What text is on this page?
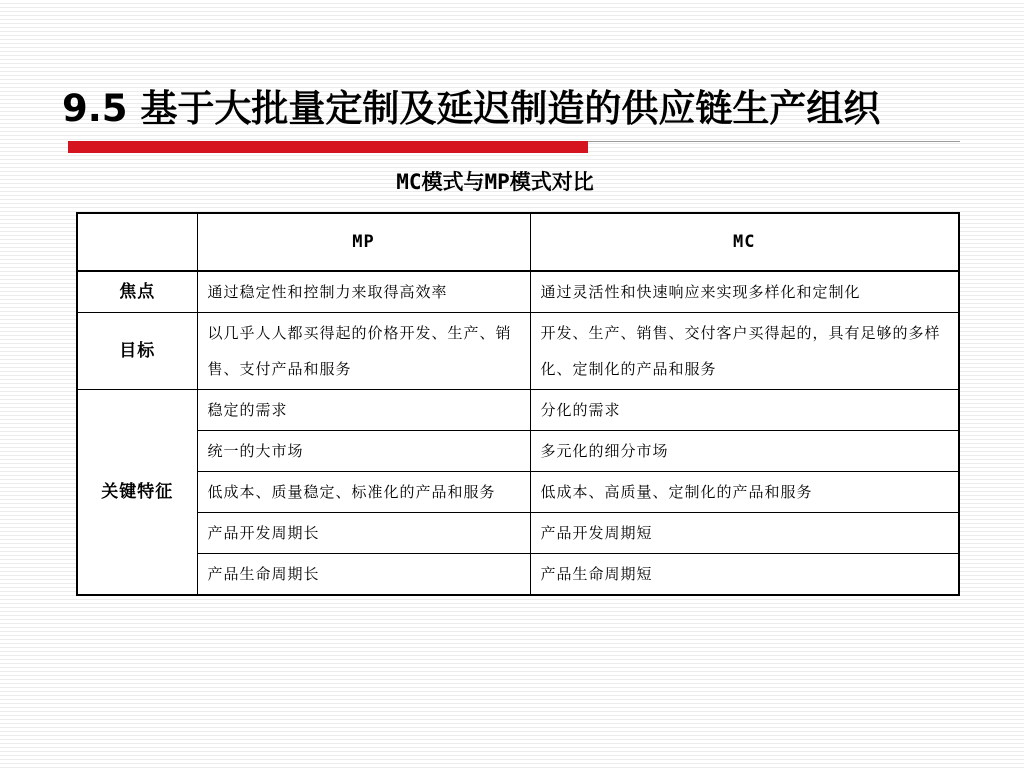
9.5 基于大批量定制及延迟制造的供应链生产组织
MC模式与MP模式对比
	MP	MC
焦点	通过稳定性和控制力来取得高效率	通过灵活性和快速响应来实现多样化和定制化
目标	以几乎人人都买得起的价格开发、生产、销售、支付产品和服务	开发、生产、销售、交付客户买得起的，具有足够的多样化、定制化的产品和服务
关键特征	稳定的需求	分化的需求
	统一的大市场	多元化的细分市场
	低成本、质量稳定、标准化的产品和服务	低成本、高质量、定制化的产品和服务
	产品开发周期长	产品开发周期短
	产品生命周期长	产品生命周期短
